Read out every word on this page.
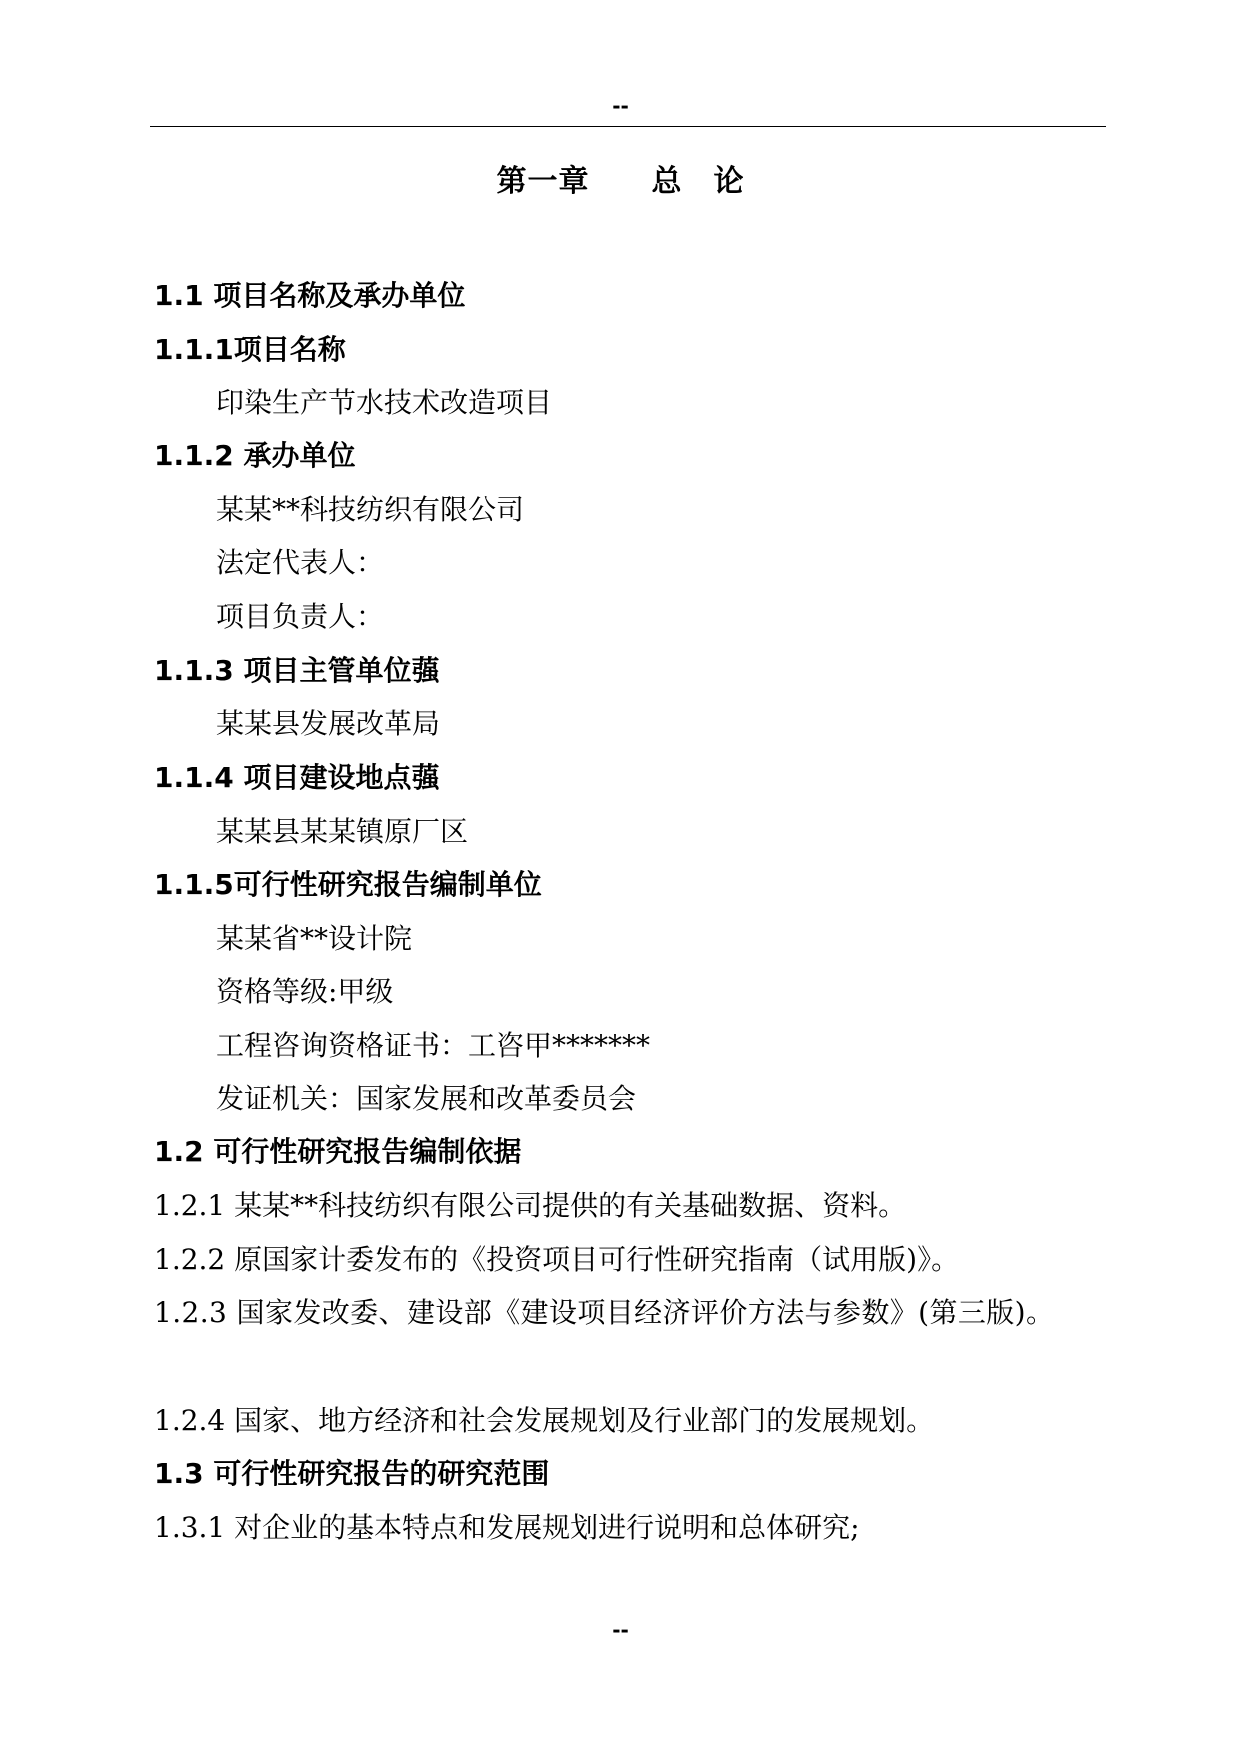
--
第一章　　总　论
1.1 项目名称及承办单位
1.1.1项目名称
印染生产节水技术改造项目
1.1.2 承办单位
某某**科技纺织有限公司
法定代表人：
项目负责人：
1.1.3 项目主管单位蔃
某某县发展改革局
1.1.4 项目建设地点蔃
某某县某某镇原厂区
1.1.5可行性研究报告编制单位
某某省**设计院
资格等级:甲级
工程咨询资格证书：工咨甲*******
发证机关：国家发展和改革委员会
1.2 可行性研究报告编制依据
1.2.1 某某**科技纺织有限公司提供的有关基础数据、资料。
1.2.2 原国家计委发布的《投资项目可行性研究指南（试用版)》。
1.2.3 国家发改委、建设部《建设项目经济评价方法与参数》(第三版)。
1.2.4 国家、地方经济和社会发展规划及行业部门的发展规划。
1.3 可行性研究报告的研究范围
1.3.1 对企业的基本特点和发展规划进行说明和总体研究;
--
